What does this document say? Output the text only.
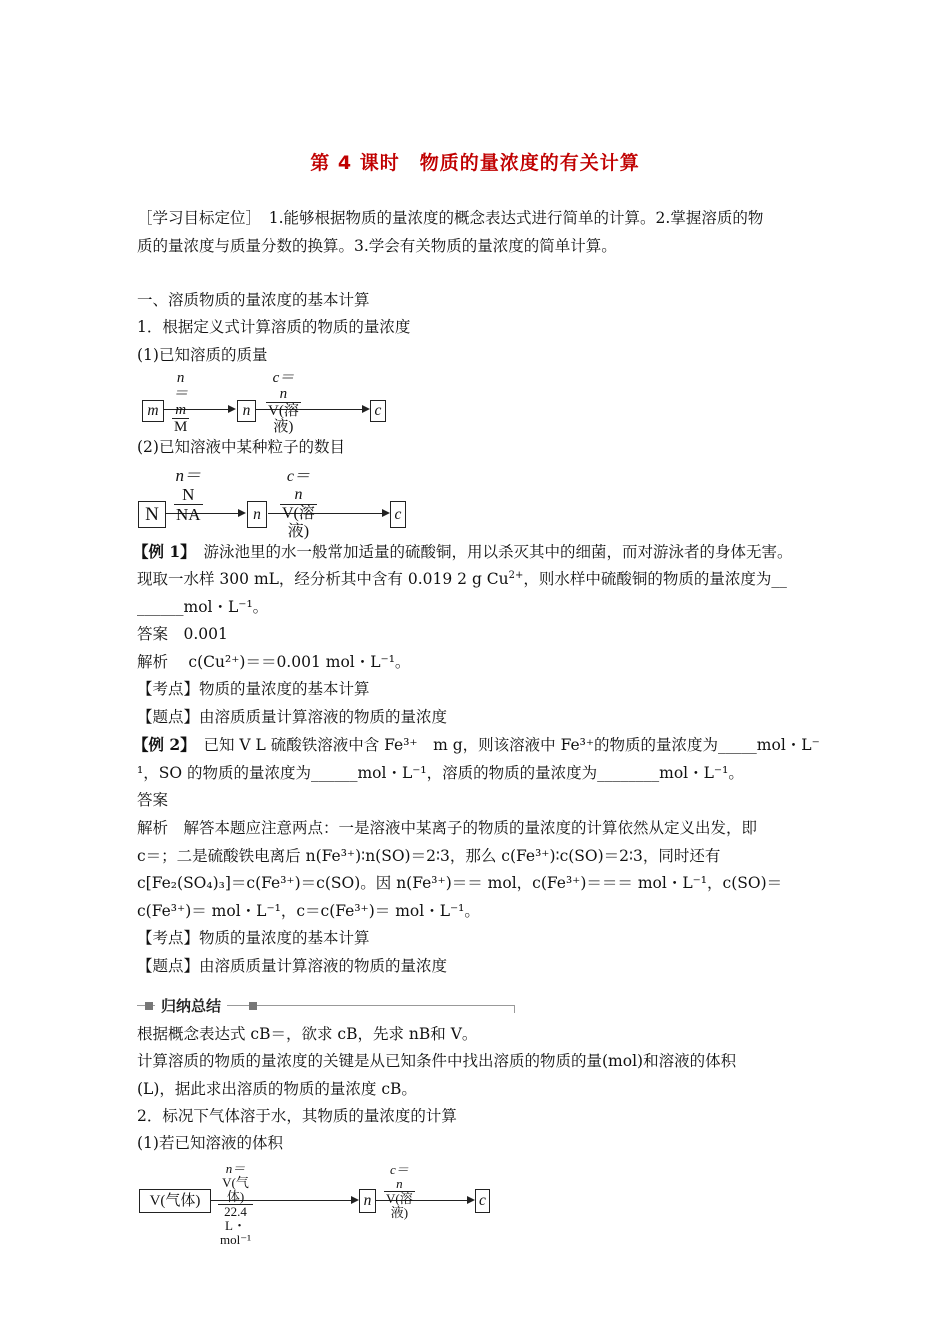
第 4 课时　物质的量浓度的有关计算
［学习目标定位］　1.能够根据物质的量浓度的概念表达式进行简单的计算。2.掌握溶质的物
质的量浓度与质量分数的换算。3.学会有关物质的量浓度的简单计算。
一、溶质物质的量浓度的基本计算
1．根据定义式计算溶质的物质的量浓度
(1)已知溶质的质量
m
n＝
$\frac{m}{M}$	n
c＝
$\frac{n}{\text{V(溶液)}}$	c
(2)已知溶液中某种粒子的数目
N
n＝
$\frac{N}{NA}$	n
c＝
$\frac{n}{\text{V(溶液)}}$	c
【例 1】　游泳池里的水一般常加适量的硫酸铜，用以杀灭其中的细菌，而对游泳者的身体无害。
现取一水样 300 mL，经分析其中含有 0.019 2 g $Cu^{2+}$，则水样中硫酸铜的物质的量浓度为__
______mol・L⁻¹。
答案　0.001
解析　 c(Cu²⁺)＝＝0.001 mol・L⁻¹。
【考点】物质的量浓度的基本计算
【题点】由溶质质量计算溶液的物质的量浓度
【例 2】　已知 V L 硫酸铁溶液中含 Fe³⁺　m g，则该溶液中 Fe³⁺的物质的量浓度为_____mol・L⁻
¹，SO 的物质的量浓度为______mol・L⁻¹，溶质的物质的量浓度为________mol・L⁻¹。
答案
解析　解答本题应注意两点：一是溶液中某离子的物质的量浓度的计算依然从定义出发，即
c＝；二是硫酸铁电离后 n(Fe³⁺)∶n(SO)＝2∶3，那么 c(Fe³⁺)∶c(SO)＝2∶3，同时还有
c[Fe₂(SO₄)₃]＝c(Fe³⁺)＝c(SO)。因 n(Fe³⁺)＝＝ mol，c(Fe³⁺)＝＝＝ mol・L⁻¹，c(SO)＝
c(Fe³⁺)＝ mol・L⁻¹，c＝c(Fe³⁺)＝ mol・L⁻¹。
【考点】物质的量浓度的基本计算
【题点】由溶质质量计算溶液的物质的量浓度
归纳总结
根据概念表达式 cB＝，欲求 cB，先求 nB和 V。
计算溶质的物质的量浓度的关键是从已知条件中找出溶质的物质的量(mol)和溶液的体积
(L)，据此求出溶质的物质的量浓度 cB。
2．标况下气体溶于水，其物质的量浓度的计算
(1)若已知溶液的体积
V(气体)
n＝
$\frac{\text{V(气体)}}{\text{22.4 L・mol⁻¹}}$	n
c＝
$\frac{n}{\text{V(溶液)}}$	c
